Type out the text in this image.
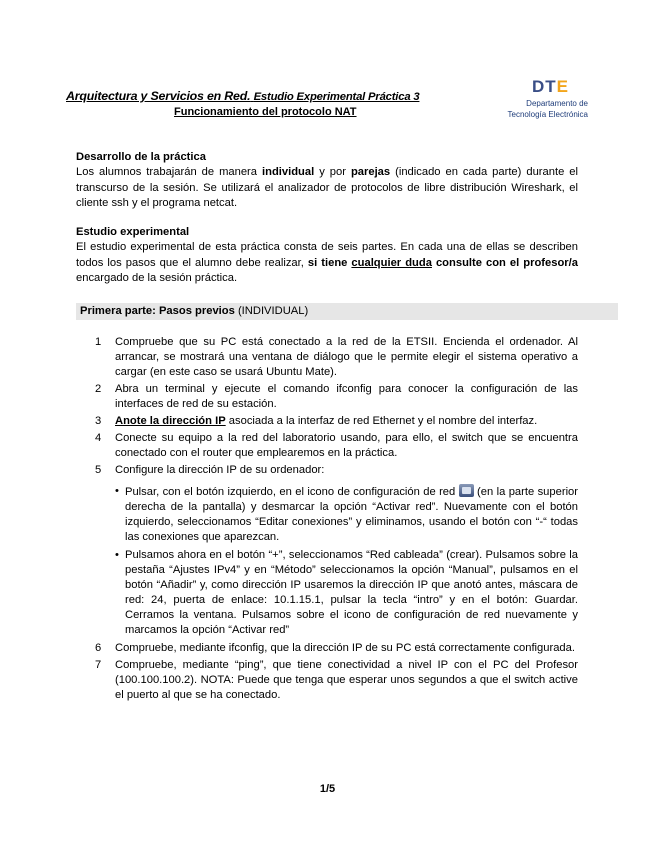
Arquitectura y Servicios en Red. Estudio Experimental Práctica 3
Funcionamiento del protocolo NAT
DTE
Departamento de
Tecnología Electrónica
Desarrollo de la práctica

Los alumnos trabajarán de manera individual y por parejas (indicado en cada parte) durante el transcurso de la sesión. Se utilizará el analizador de protocolos de libre distribución Wireshark, el cliente ssh y el programa netcat.

Estudio experimental

El estudio experimental de esta práctica consta de seis partes. En cada una de ellas se describen todos los pasos que el alumno debe realizar, si tiene cualquier duda consulte con el profesor/a encargado de la sesión práctica.

Primera parte: Pasos previos (INDIVIDUAL)
1 Compruebe que su PC está conectado a la red de la ETSII. Encienda el ordenador. Al arrancar, se mostrará una ventana de diálogo que le permite elegir el sistema operativo a cargar (en este caso se usará Ubuntu Mate).
2 Abra un terminal y ejecute el comando ifconfig para conocer la configuración de las interfaces de red de su estación.
3 Anote la dirección IP asociada a la interfaz de red Ethernet y el nombre del interfaz.
4 Conecte su equipo a la red del laboratorio usando, para ello, el switch que se encuentra conectado con el router que emplearemos en la práctica.
5 Configure la dirección IP de su ordenador:
• Pulsar, con el botón izquierdo, en el icono de configuración de red  (en la parte superior derecha de la pantalla) y desmarcar la opción “Activar red”. Nuevamente con el botón izquierdo, seleccionamos “Editar conexiones” y eliminamos, usando el botón con “-“ todas las conexiones que aparezcan.
• Pulsamos ahora en el botón “+”, seleccionamos “Red cableada” (crear). Pulsamos sobre la pestaña “Ajustes IPv4” y en “Método” seleccionamos la opción “Manual”, pulsamos en el botón “Añadir” y, como dirección IP usaremos la dirección IP que anotó antes, máscara de red: 24, puerta de enlace: 10.1.15.1, pulsar la tecla “intro” y en el botón: Guardar. Cerramos la ventana. Pulsamos sobre el icono de configuración de red nuevamente y marcamos la opción “Activar red”
6 Compruebe, mediante ifconfig, que la dirección IP de su PC está correctamente configurada.
7 Compruebe, mediante “ping”, que tiene conectividad a nivel IP con el PC del Profesor (100.100.100.2). NOTA: Puede que tenga que esperar unos segundos a que el switch active el puerto al que se ha conectado.
1/5
